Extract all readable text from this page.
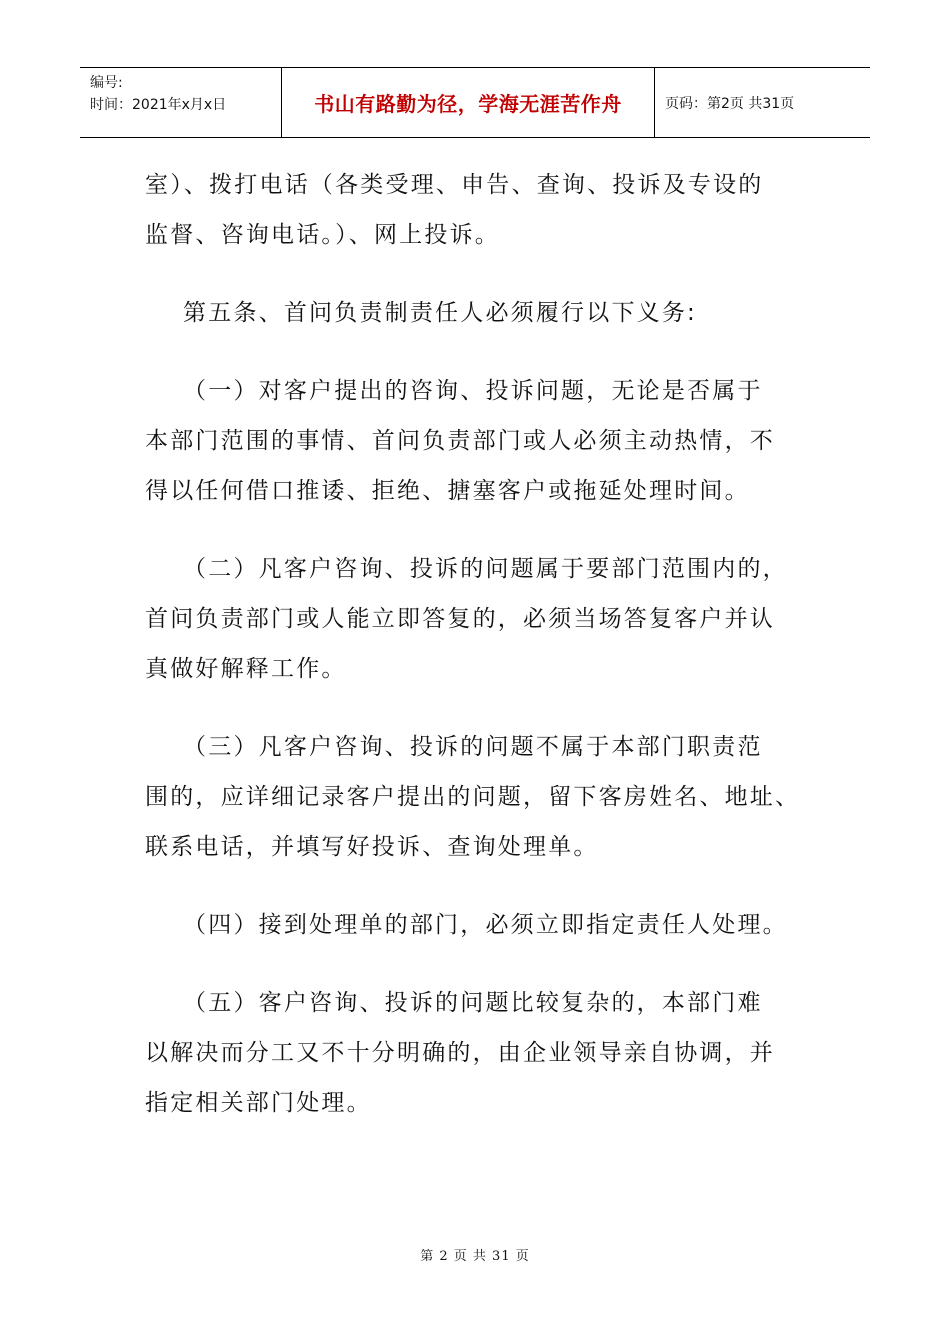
编号:
时间：2021年x月x日	书山有路勤为径，学海无涯苦作舟	页码：第2页 共31页

室）、拨打电话（各类受理、申告、查询、投诉及专设的
监督、咨询电话。）、网上投诉。

第五条、首问负责制责任人必须履行以下义务:

（一）对客户提出的咨询、投诉问题，无论是否属于
本部门范围的事情、首问负责部门或人必须主动热情，不
得以任何借口推诿、拒绝、搪塞客户或拖延处理时间。

（二）凡客户咨询、投诉的问题属于要部门范围内的，
首问负责部门或人能立即答复的，必须当场答复客户并认
真做好解释工作。

（三）凡客户咨询、投诉的问题不属于本部门职责范
围的，应详细记录客户提出的问题，留下客房姓名、地址、
联系电话，并填写好投诉、查询处理单。

（四）接到处理单的部门，必须立即指定责任人处理。

（五）客户咨询、投诉的问题比较复杂的，本部门难
以解决而分工又不十分明确的，由企业领导亲自协调，并
指定相关部门处理。

第 2 页 共 31 页
